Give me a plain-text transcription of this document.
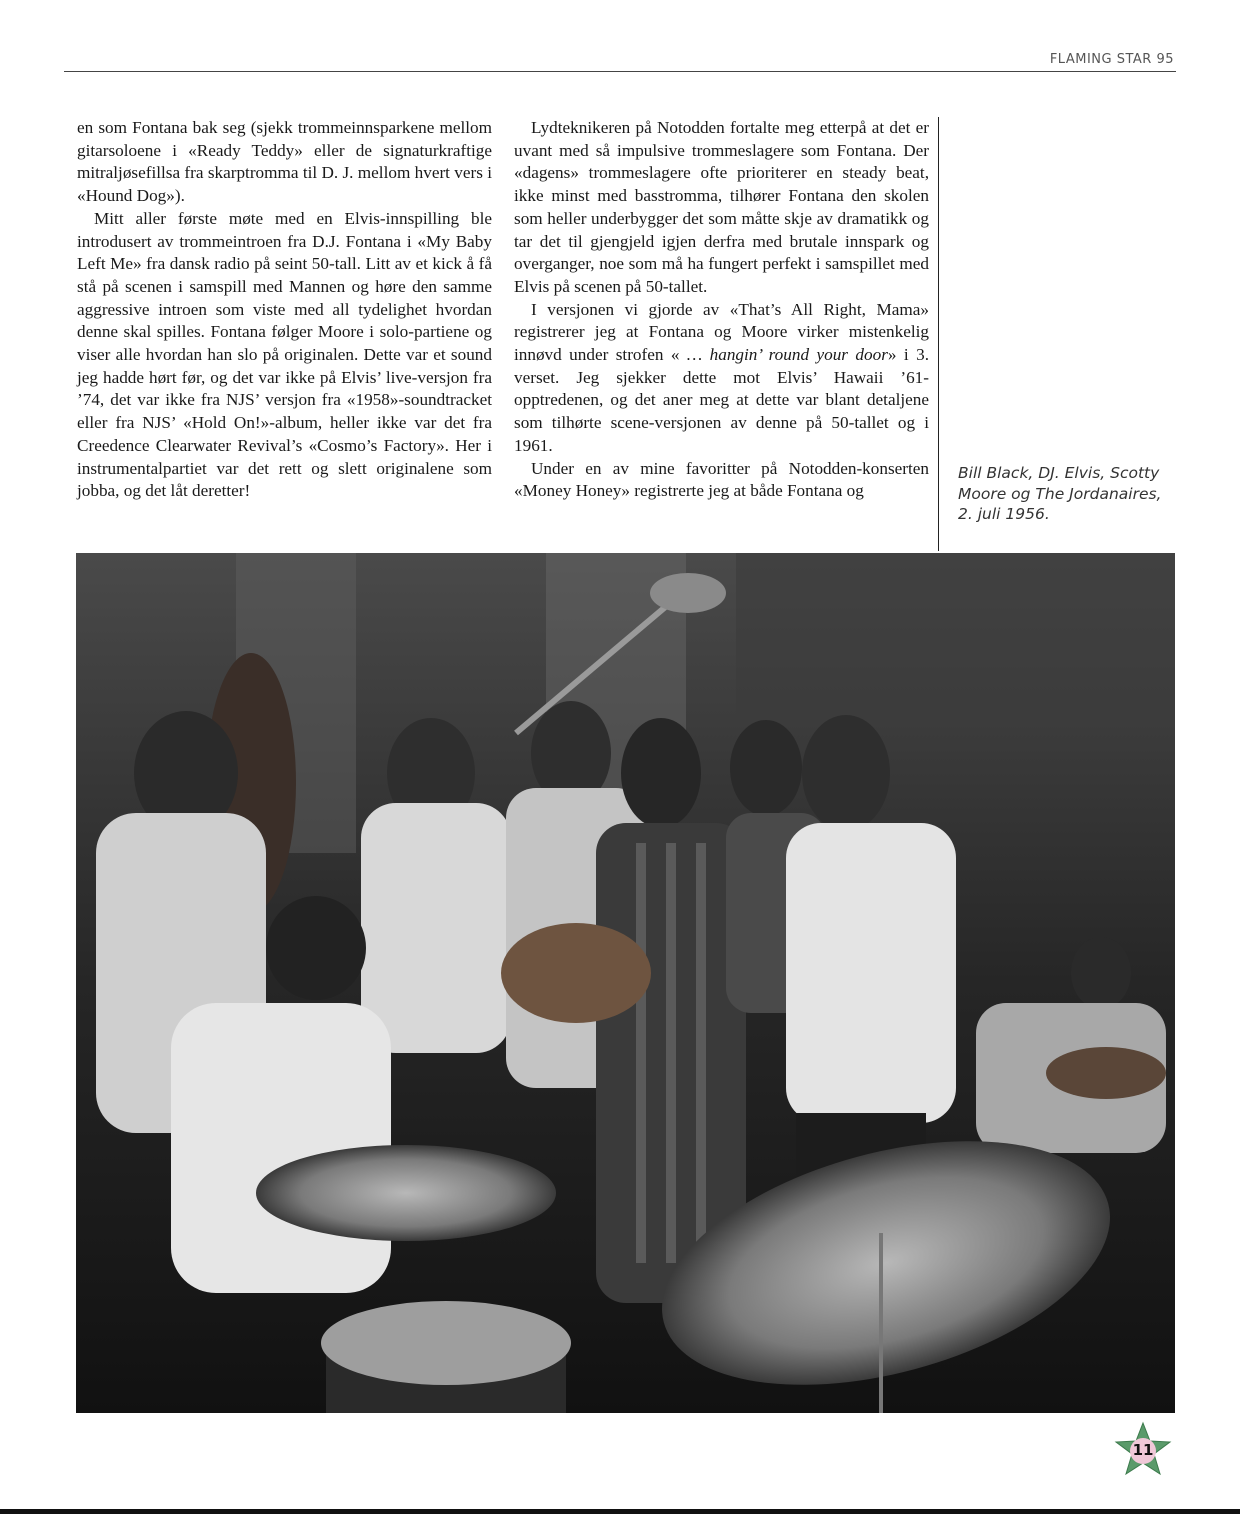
FLAMING STAR 95

en som Fontana bak seg (sjekk trommeinnsparkene mellom gitarsoloene i «Ready Teddy» eller de signaturkraftige mitraljøsefillsa fra skarptromma til D. J. mellom hvert vers i «Hound Dog»).

Mitt aller første møte med en Elvis-innspilling ble introdusert av trommeintroen fra D.J. Fontana i «My Baby Left Me» fra dansk radio på seint 50-tall. Litt av et kick å få stå på scenen i samspill med Mannen og høre den samme aggressive introen som viste med all tydelighet hvordan denne skal spilles. Fontana følger Moore i solo-partiene og viser alle hvordan han slo på originalen. Dette var et sound jeg hadde hørt før, og det var ikke på Elvis’ live-versjon fra ’74, det var ikke fra NJS’ versjon fra «1958»-soundtracket eller fra NJS’ «Hold On!»-album, heller ikke var det fra Creedence Clearwater Revival’s «Cosmo’s Factory». Her i instrumentalpartiet var det rett og slett originalene som jobba, og det låt deretter!

Lydteknikeren på Notodden fortalte meg etterpå at det er uvant med så impulsive trommeslagere som Fontana. Der «dagens» trommeslagere ofte prioriterer en steady beat, ikke minst med basstromma, tilhører Fontana den skolen som heller underbygger det som måtte skje av dramatikk og tar det til gjengjeld igjen derfra med brutale innspark og overganger, noe som må ha fungert perfekt i samspillet med Elvis på scenen på 50-tallet.

I versjonen vi gjorde av «That’s All Right, Mama» registrerer jeg at Fontana og Moore virker mistenkelig innøvd under strofen « … hangin’ round your door» i 3. verset. Jeg sjekker dette mot Elvis’ Hawaii ’61-opptredenen, og det aner meg at dette var blant detaljene som tilhørte scene-versjonen av denne på 50-tallet og i 1961.

Under en av mine favoritter på Notodden-konserten «Money Honey» registrerte jeg at både Fontana og

Bill Black, DJ. Elvis, Scotty
Moore og The Jordanaires,
2. juli 1956.
11
